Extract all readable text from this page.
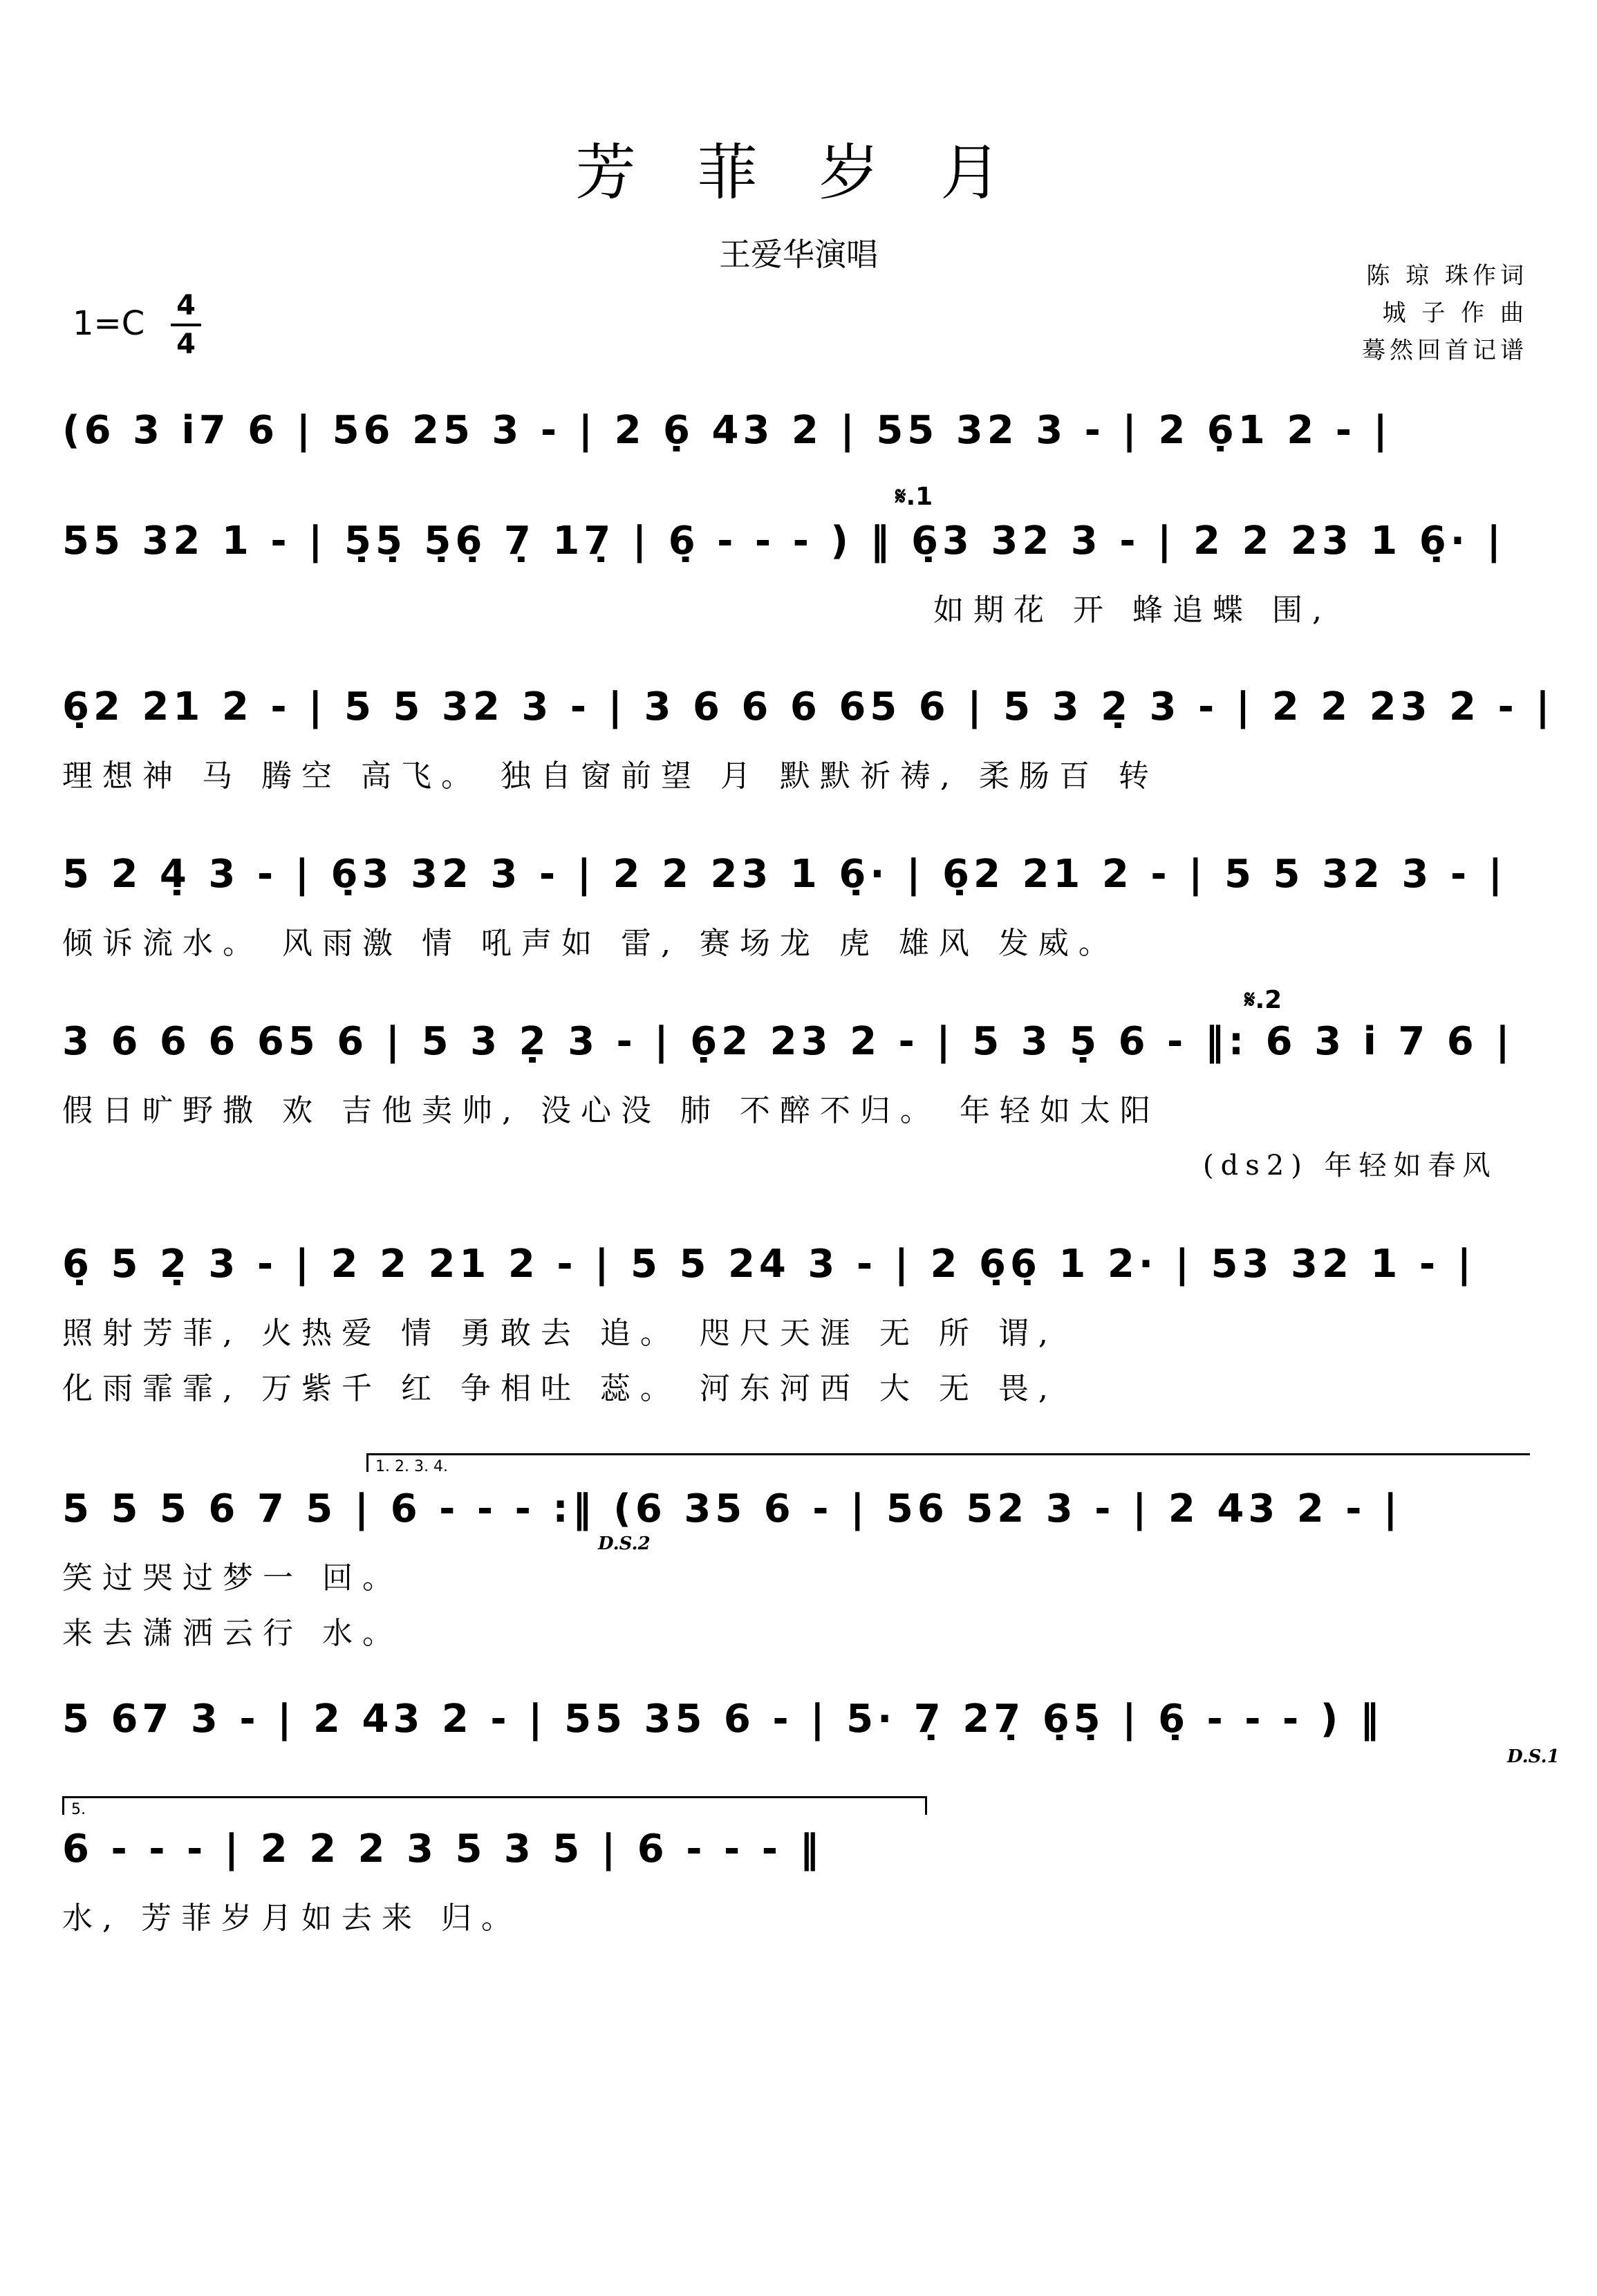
芳 菲 岁 月
王爱华演唱
陈 琼 珠作词
城 子 作 曲
蓦然回首记谱
1=C 4
4
(6 3 i̇7 6 | 56 25 3 - | 2 6̣ 43 2 | 55 32 3 - | 2 6̣1 2 - |
𝄋.1
55 32 1 - | 5̣5̣ 5̣6̣ 7̣ 17̣ | 6̣ - - - ) ‖ 6̣3 32 3 - | 2 2 23 1 6̣· |
如期花 开 蜂追蝶 围,
6̣2 21 2 - | 5 5 32 3 - | 3 6 6 6 65 6 | 5 3 2̣ 3 - | 2 2 23 2 - |
理想神 马 腾空 高飞。 独自窗前望 月 默默祈祷, 柔肠百 转
5 2 4̣ 3 - | 6̣3 32 3 - | 2 2 23 1 6̣· | 6̣2 21 2 - | 5 5 32 3 - |
倾诉流水。 风雨激 情 吼声如 雷, 赛场龙 虎 雄风 发威。
𝄋.2
3 6 6 6 65 6 | 5 3 2̣ 3 - | 6̣2 23 2 - | 5 3 5̣ 6 - ‖: 6 3 i̇ 7 6 |
假日旷野撒 欢 吉他卖帅, 没心没 肺 不醉不归。 年轻如太阳
(ds2) 年轻如春风
6̣ 5 2̣ 3 - | 2 2 21 2 - | 5 5 24 3 - | 2 6̣6̣ 1 2· | 53 32 1 - |
照射芳菲, 火热爱 情 勇敢去 追。 咫尺天涯 无 所 谓,
化雨霏霏, 万紫千 红 争相吐 蕊。 河东河西 大 无 畏,
1. 2. 3. 4.
5 5 5 6 7 5 | 6 - - - :‖ (6 35 6 - | 56 52 3 - | 2 43 2 - |
D.S.2
笑过哭过梦一 回。
来去潇洒云行 水。
5 67 3 - | 2 43 2 - | 55 35 6 - | 5· 7̣ 27̣ 6̣5̣ | 6̣ - - - ) ‖
D.S.1
5.
6 - - - | 2 2 2 3 5 3 5 | 6 - - - ‖
水, 芳菲岁月如去来 归。
